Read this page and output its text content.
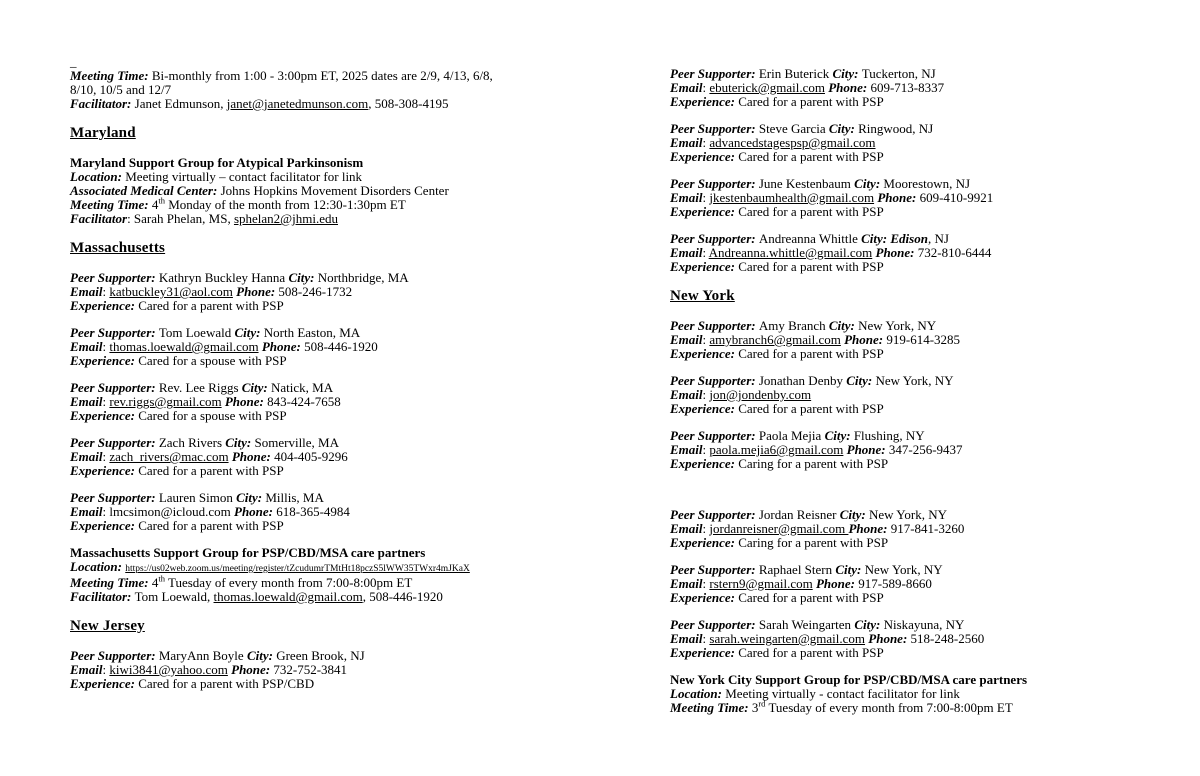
_
Meeting Time: Bi-monthly from 1:00 - 3:00pm ET, 2025 dates are 2/9, 4/13, 6/8,
8/10, 10/5 and 12/7
Facilitator: Janet Edmunson, janet@janetedmunson.com, 508-308-4195
Maryland
Maryland Support Group for Atypical Parkinsonism
Location: Meeting virtually – contact facilitator for link
Associated Medical Center: Johns Hopkins Movement Disorders Center
Meeting Time: 4th Monday of the month from 12:30-1:30pm ET
Facilitator: Sarah Phelan, MS, sphelan2@jhmi.edu
Massachusetts
Peer Supporter: Kathryn Buckley Hanna City: Northbridge, MA
Email: katbuckley31@aol.com Phone: 508-246-1732
Experience: Cared for a parent with PSP
Peer Supporter: Tom Loewald City: North Easton, MA
Email: thomas.loewald@gmail.com Phone: 508-446-1920
Experience: Cared for a spouse with PSP
Peer Supporter: Rev. Lee Riggs City: Natick, MA
Email: rev.riggs@gmail.com Phone: 843-424-7658
Experience: Cared for a spouse with PSP
Peer Supporter: Zach Rivers City: Somerville, MA
Email: zach_rivers@mac.com Phone: 404-405-9296
Experience: Cared for a parent with PSP
Peer Supporter: Lauren Simon City: Millis, MA
Email: lmcsimon@icloud.com Phone: 618-365-4984
Experience: Cared for a parent with PSP
Massachusetts Support Group for PSP/CBD/MSA care partners
Location: https://us02web.zoom.us/meeting/register/tZcudumrTMtHt18pczS5lWW35TWxr4mJKaX
Meeting Time: 4th Tuesday of every month from 7:00-8:00pm ET
Facilitator: Tom Loewald, thomas.loewald@gmail.com, 508-446-1920
New Jersey
Peer Supporter: MaryAnn Boyle City: Green Brook, NJ
Email: kiwi3841@yahoo.com Phone: 732-752-3841
Experience: Cared for a parent with PSP/CBD
Peer Supporter: Erin Buterick City: Tuckerton, NJ
Email: ebuterick@gmail.com Phone: 609-713-8337
Experience: Cared for a parent with PSP
Peer Supporter: Steve Garcia City: Ringwood, NJ
Email: advancedstagespsp@gmail.com
Experience: Cared for a parent with PSP
Peer Supporter: June Kestenbaum City: Moorestown, NJ
Email: jkestenbaumhealth@gmail.com Phone: 609-410-9921
Experience: Cared for a parent with PSP
Peer Supporter: Andreanna Whittle City: Edison, NJ
Email: Andreanna.whittle@gmail.com Phone: 732-810-6444
Experience: Cared for a parent with PSP
New York
Peer Supporter: Amy Branch City: New York, NY
Email: amybranch6@gmail.com Phone: 919-614-3285
Experience: Cared for a parent with PSP
Peer Supporter: Jonathan Denby City: New York, NY
Email: jon@jondenby.com
Experience: Cared for a parent with PSP
Peer Supporter: Paola Mejia City: Flushing, NY
Email: paola.mejia6@gmail.com Phone: 347-256-9437
Experience: Caring for a parent with PSP
Peer Supporter: Jordan Reisner City: New York, NY
Email: jordanreisner@gmail.com Phone: 917-841-3260
Experience: Caring for a parent with PSP
Peer Supporter: Raphael Stern City: New York, NY
Email: rstern9@gmail.com Phone: 917-589-8660
Experience: Cared for a parent with PSP
Peer Supporter: Sarah Weingarten City: Niskayuna, NY
Email: sarah.weingarten@gmail.com Phone: 518-248-2560
Experience: Cared for a parent with PSP
New York City Support Group for PSP/CBD/MSA care partners
Location: Meeting virtually - contact facilitator for link
Meeting Time: 3rd Tuesday of every month from 7:00-8:00pm ET
